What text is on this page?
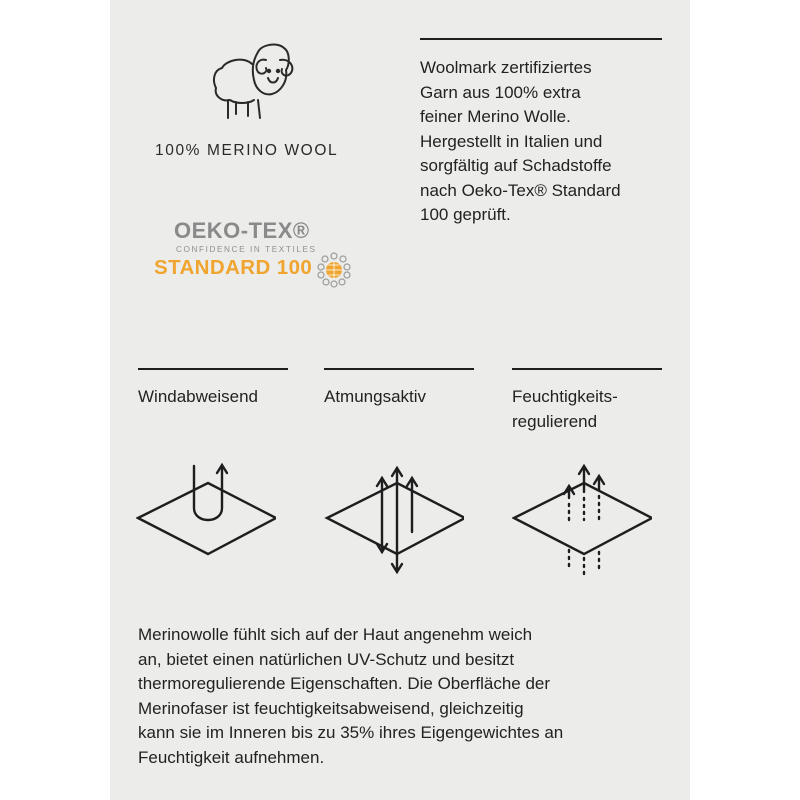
100% MERINO WOOL
Woolmark zertifiziertes
Garn aus 100% extra
feiner Merino Wolle.
Hergestellt in Italien und
sorgfältig auf Schadstoffe
nach Oeko-Tex® Standard
100 geprüft.
OEKO-TEX®
CONFIDENCE IN TEXTILES
STANDARD 100
Windabweisend	Atmungsaktiv	Feuchtigkeits-
regulierend
Merinowolle fühlt sich auf der Haut angenehm weich
an, bietet einen natürlichen UV-Schutz und besitzt
thermoregulierende Eigenschaften. Die Oberfläche der
Merinofaser ist feuchtigkeitsabweisend, gleichzeitig
kann sie im Inneren bis zu 35% ihres Eigengewichtes an
Feuchtigkeit aufnehmen.
